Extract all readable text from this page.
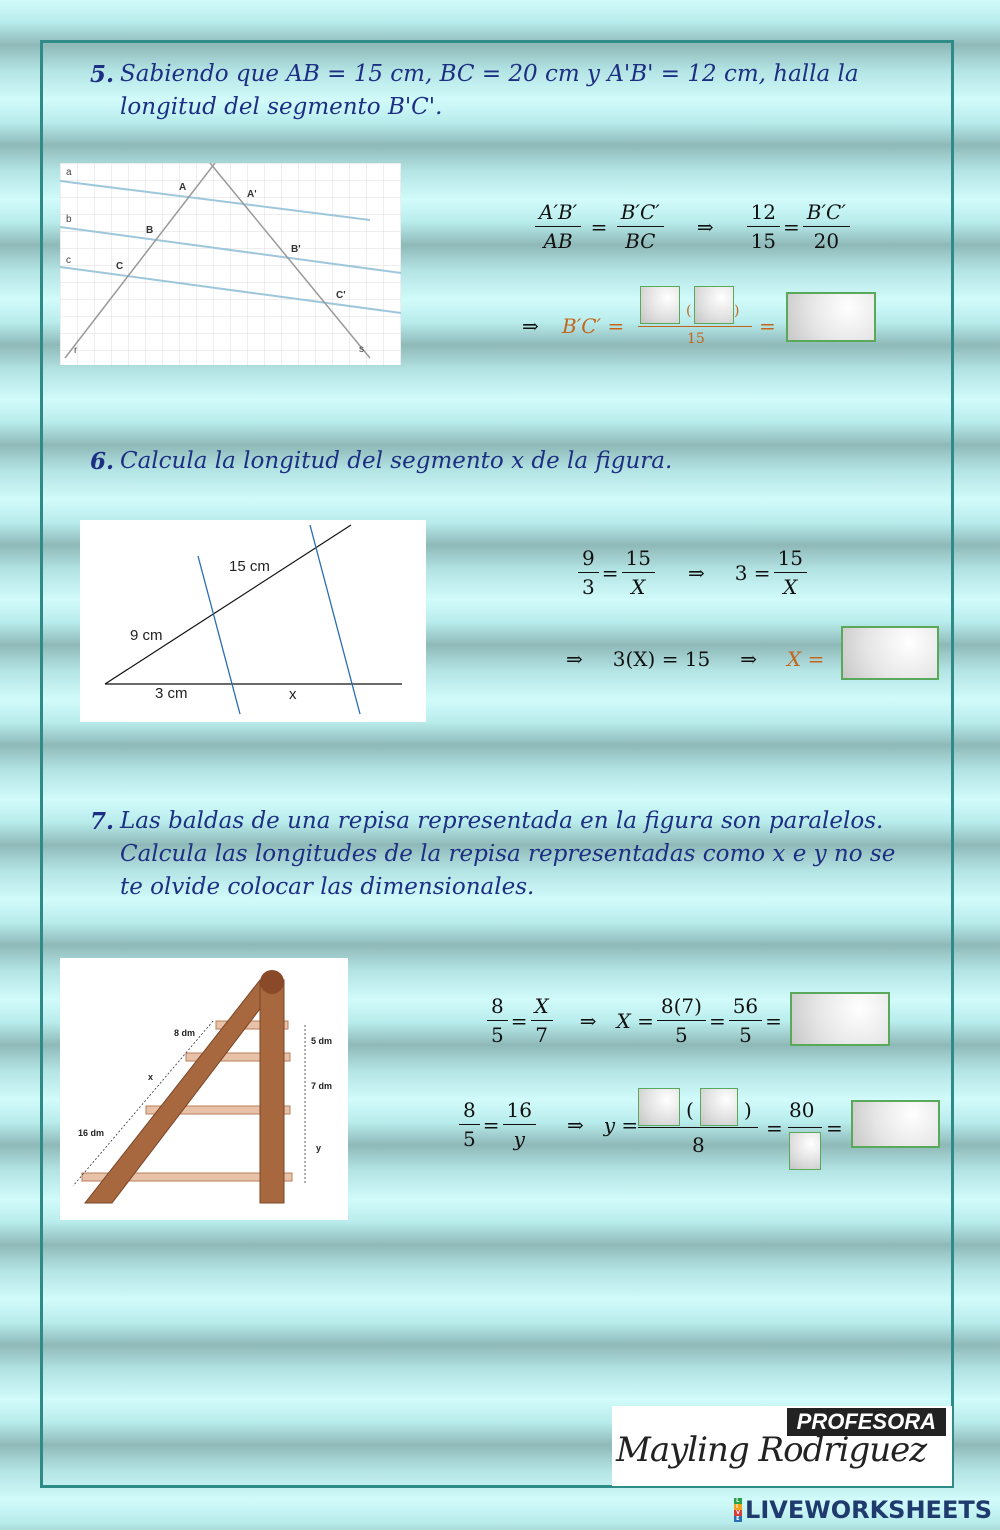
5. Sabiendo que AB = 15 cm, BC = 20 cm y A'B' = 12 cm, halla la
longitud del segmento B'C'.
a
b
c
r	s
A
A'
B
B'
C
C'
$\frac{A'B'}{AB} = \frac{B'C'}{BC}$ ⇒ $\frac{12}{15} = \frac{B'C'}{20}$
⇒ B′C′ =
(	)
15
=
6. Calcula la longitud del segmento x de la figura.
15 cm
9 cm
3 cm	x
$\frac{9}{3} = \frac{15}{X}$ ⇒ $3 = \frac{15}{X}$
⇒ 3(X) = 15 ⇒ X =
7. Las baldas de una repisa representada en la figura son paralelos.
Calcula las longitudes de la repisa representadas como x e y no se
te olvide colocar las dimensionales.
8 dm
x
16 dm
5 dm
7 dm
y
$\frac{8}{5} = \frac{X}{7}$ ⇒ $X = \frac{8(7)}{5} = \frac{56}{5}$ =
$\frac{8}{5} = \frac{16}{y}$ ⇒ y =
(	)
8
=
80
=
PROFESORA
Mayling Rodriguez
L
I
V
E LIVEWORKSHEETS
